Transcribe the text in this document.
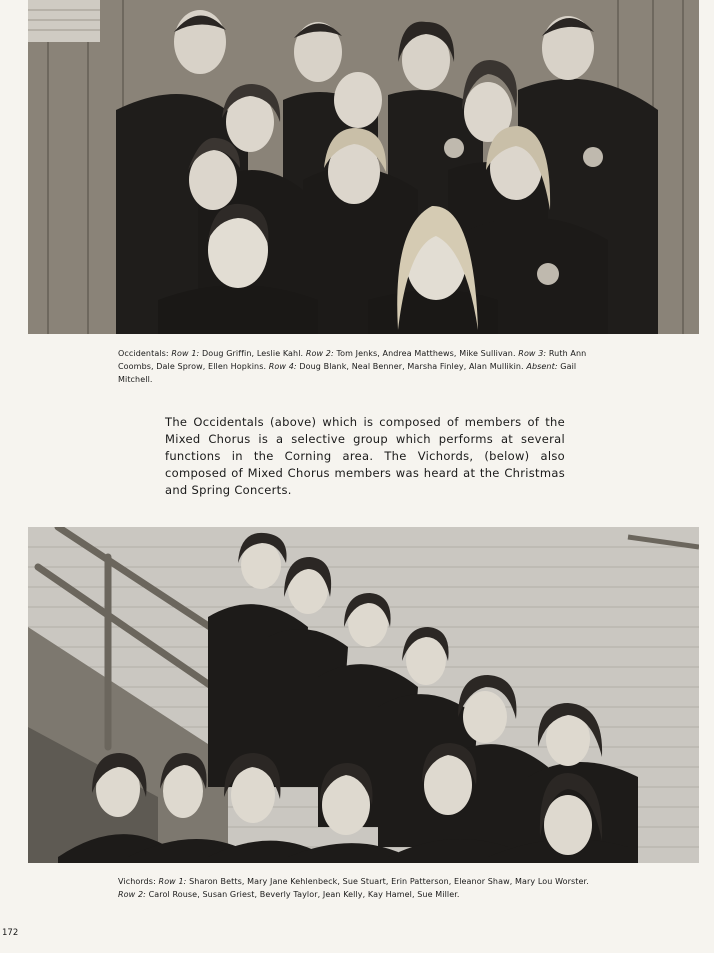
Occidentals: Row 1: Doug Griffin, Leslie Kahl. Row 2: Tom Jenks, Andrea Matthews, Mike Sullivan. Row 3: Ruth Ann Coombs, Dale Sprow, Ellen Hopkins. Row 4: Doug Blank, Neal Benner, Marsha Finley, Alan Mullikin. Absent: Gail Mitchell.
The Occidentals (above) which is composed of members of the Mixed Chorus is a selective group which performs at several functions in the Corning area. The Vichords, (below) also composed of Mixed Chorus members was heard at the Christmas and Spring Concerts.
Vichords: Row 1: Sharon Betts, Mary Jane Kehlenbeck, Sue Stuart, Erin Patterson, Eleanor Shaw, Mary Lou Worster. Row 2: Carol Rouse, Susan Griest, Beverly Taylor, Jean Kelly, Kay Hamel, Sue Miller.
172
